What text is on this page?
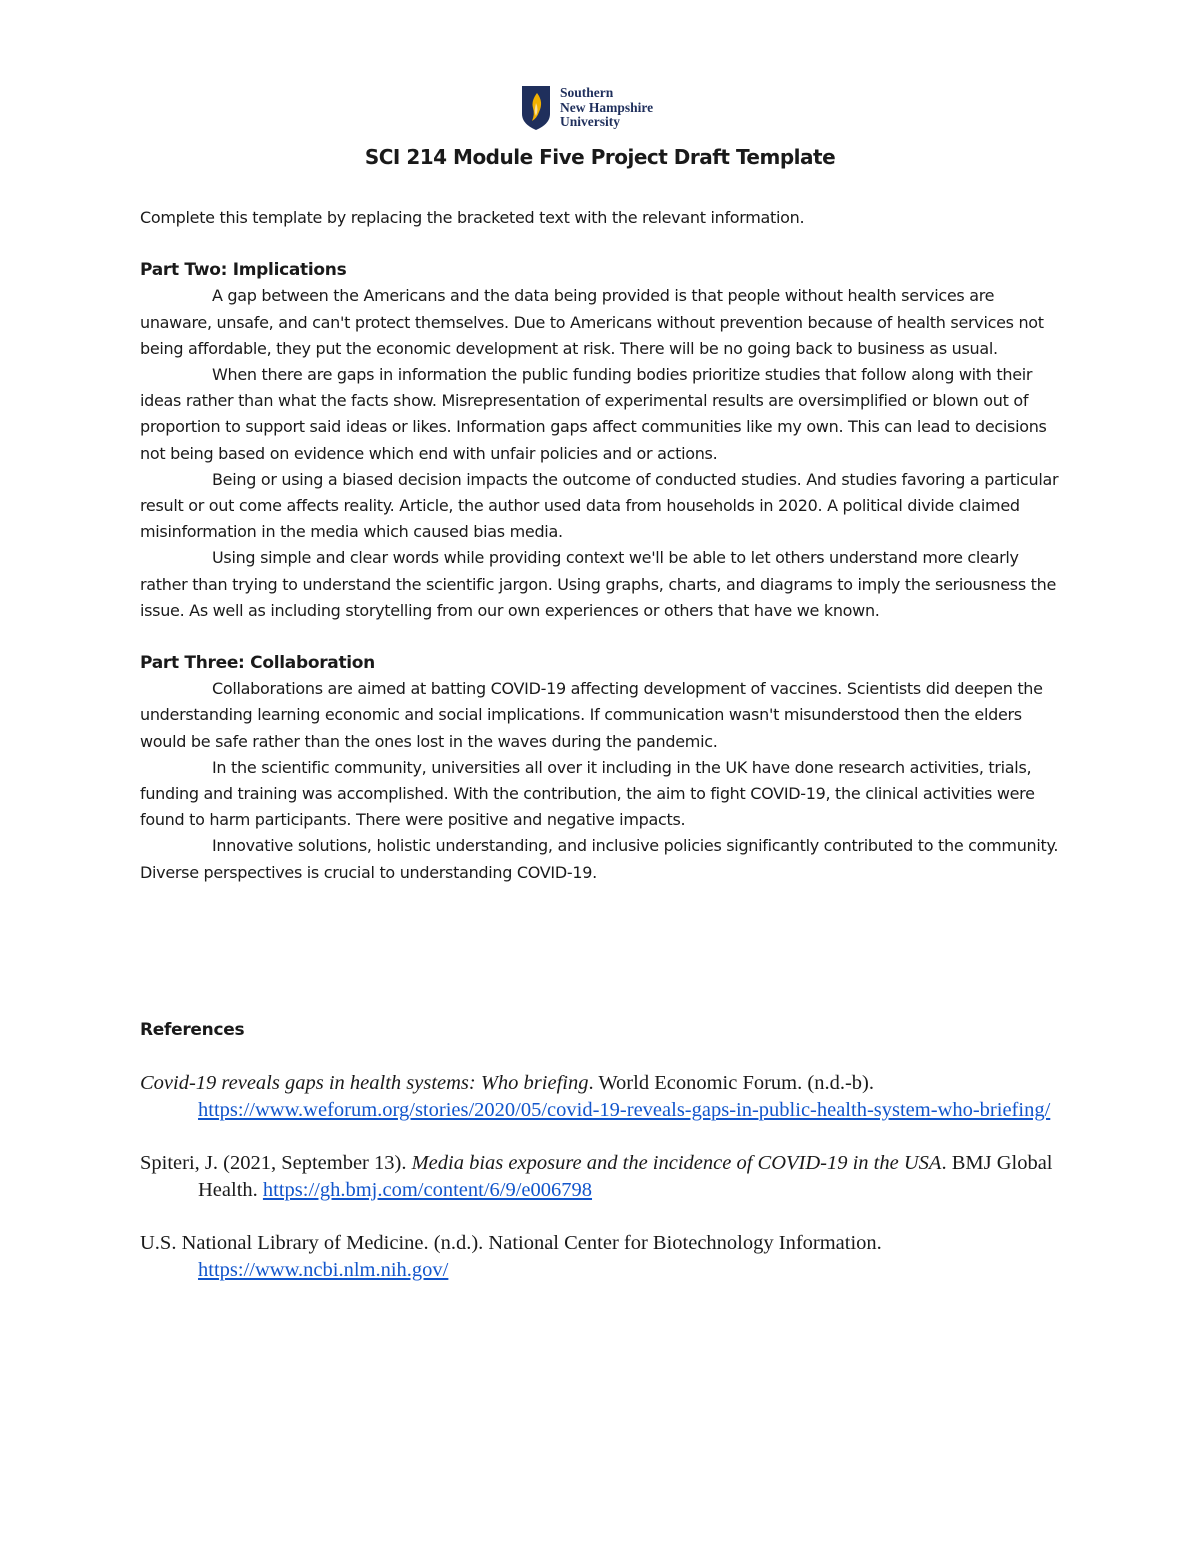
Southern
New Hampshire
University
SCI 214 Module Five Project Draft Template

Complete this template by replacing the bracketed text with the relevant information.

Part Two: Implications

A gap between the Americans and the data being provided is that people without health services are unaware, unsafe, and can't protect themselves. Due to Americans without prevention because of health services not being affordable, they put the economic development at risk. There will be no going back to business as usual.

When there are gaps in information the public funding bodies prioritize studies that follow along with their ideas rather than what the facts show. Misrepresentation of experimental results are oversimplified or blown out of proportion to support said ideas or likes. Information gaps affect communities like my own. This can lead to decisions not being based on evidence which end with unfair policies and or actions.

Being or using a biased decision impacts the outcome of conducted studies. And studies favoring a particular result or out come affects reality. Article, the author used data from households in 2020. A political divide claimed misinformation in the media which caused bias media.

Using simple and clear words while providing context we'll be able to let others understand more clearly rather than trying to understand the scientific jargon. Using graphs, charts, and diagrams to imply the seriousness the issue. As well as including storytelling from our own experiences or others that have we known.

Part Three: Collaboration

Collaborations are aimed at batting COVID-19 affecting development of vaccines. Scientists did deepen the understanding learning economic and social implications. If communication wasn't misunderstood then the elders would be safe rather than the ones lost in the waves during the pandemic.

In the scientific community, universities all over it including in the UK have done research activities, trials, funding and training was accomplished. With the contribution, the aim to fight COVID-19, the clinical activities were found to harm participants. There were positive and negative impacts.

Innovative solutions, holistic understanding, and inclusive policies significantly contributed to the community. Diverse perspectives is crucial to understanding COVID-19.

References

Covid-19 reveals gaps in health systems: Who briefing. World Economic Forum. (n.d.-b). https://www.weforum.org/stories/2020/05/covid-19-reveals-gaps-in-public-health-system-who-briefing/

Spiteri, J. (2021, September 13). Media bias exposure and the incidence of COVID-19 in the USA. BMJ Global Health. https://gh.bmj.com/content/6/9/e006798

U.S. National Library of Medicine. (n.d.). National Center for Biotechnology Information. https://www.ncbi.nlm.nih.gov/
